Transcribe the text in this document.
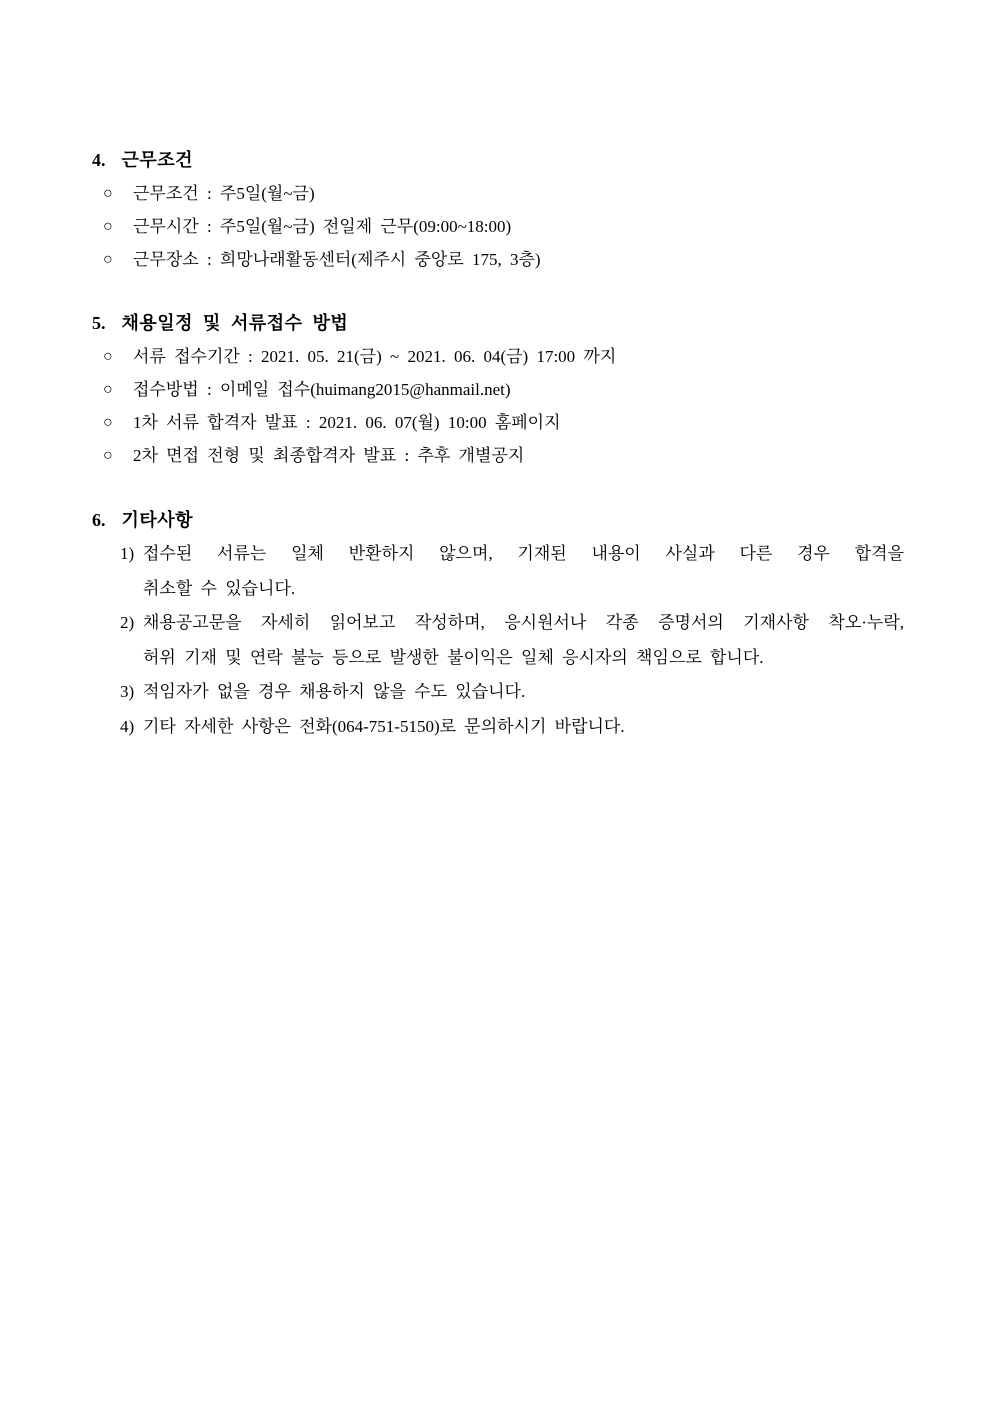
4. 근무조건
○	근무조건 : 주5일(월~금)
○	근무시간 : 주5일(월~금) 전일제 근무(09:00~18:00)
○	근무장소 : 희망나래활동센터(제주시 중앙로 175, 3층)
5. 채용일정 및 서류접수 방법
○	서류 접수기간 : 2021. 05. 21(금) ~ 2021. 06. 04(금) 17:00 까지
○	접수방법 : 이메일 접수(huimang2015@hanmail.net)
○	1차 서류 합격자 발표 : 2021. 06. 07(월) 10:00 홈페이지
○	2차 면접 전형 및 최종합격자 발표 : 추후 개별공지
6. 기타사항
1) 접수된 서류는 일체 반환하지 않으며, 기재된 내용이 사실과 다른 경우 합격을
취소할 수 있습니다.
2) 채용공고문을 자세히 읽어보고 작성하며, 응시원서나 각종 증명서의 기재사항 착오·누락,
허위 기재 및 연락 불능 등으로 발생한 불이익은 일체 응시자의 책임으로 합니다.
3) 적임자가 없을 경우 채용하지 않을 수도 있습니다.
4) 기타 자세한 사항은 전화(064-751-5150)로 문의하시기 바랍니다.
